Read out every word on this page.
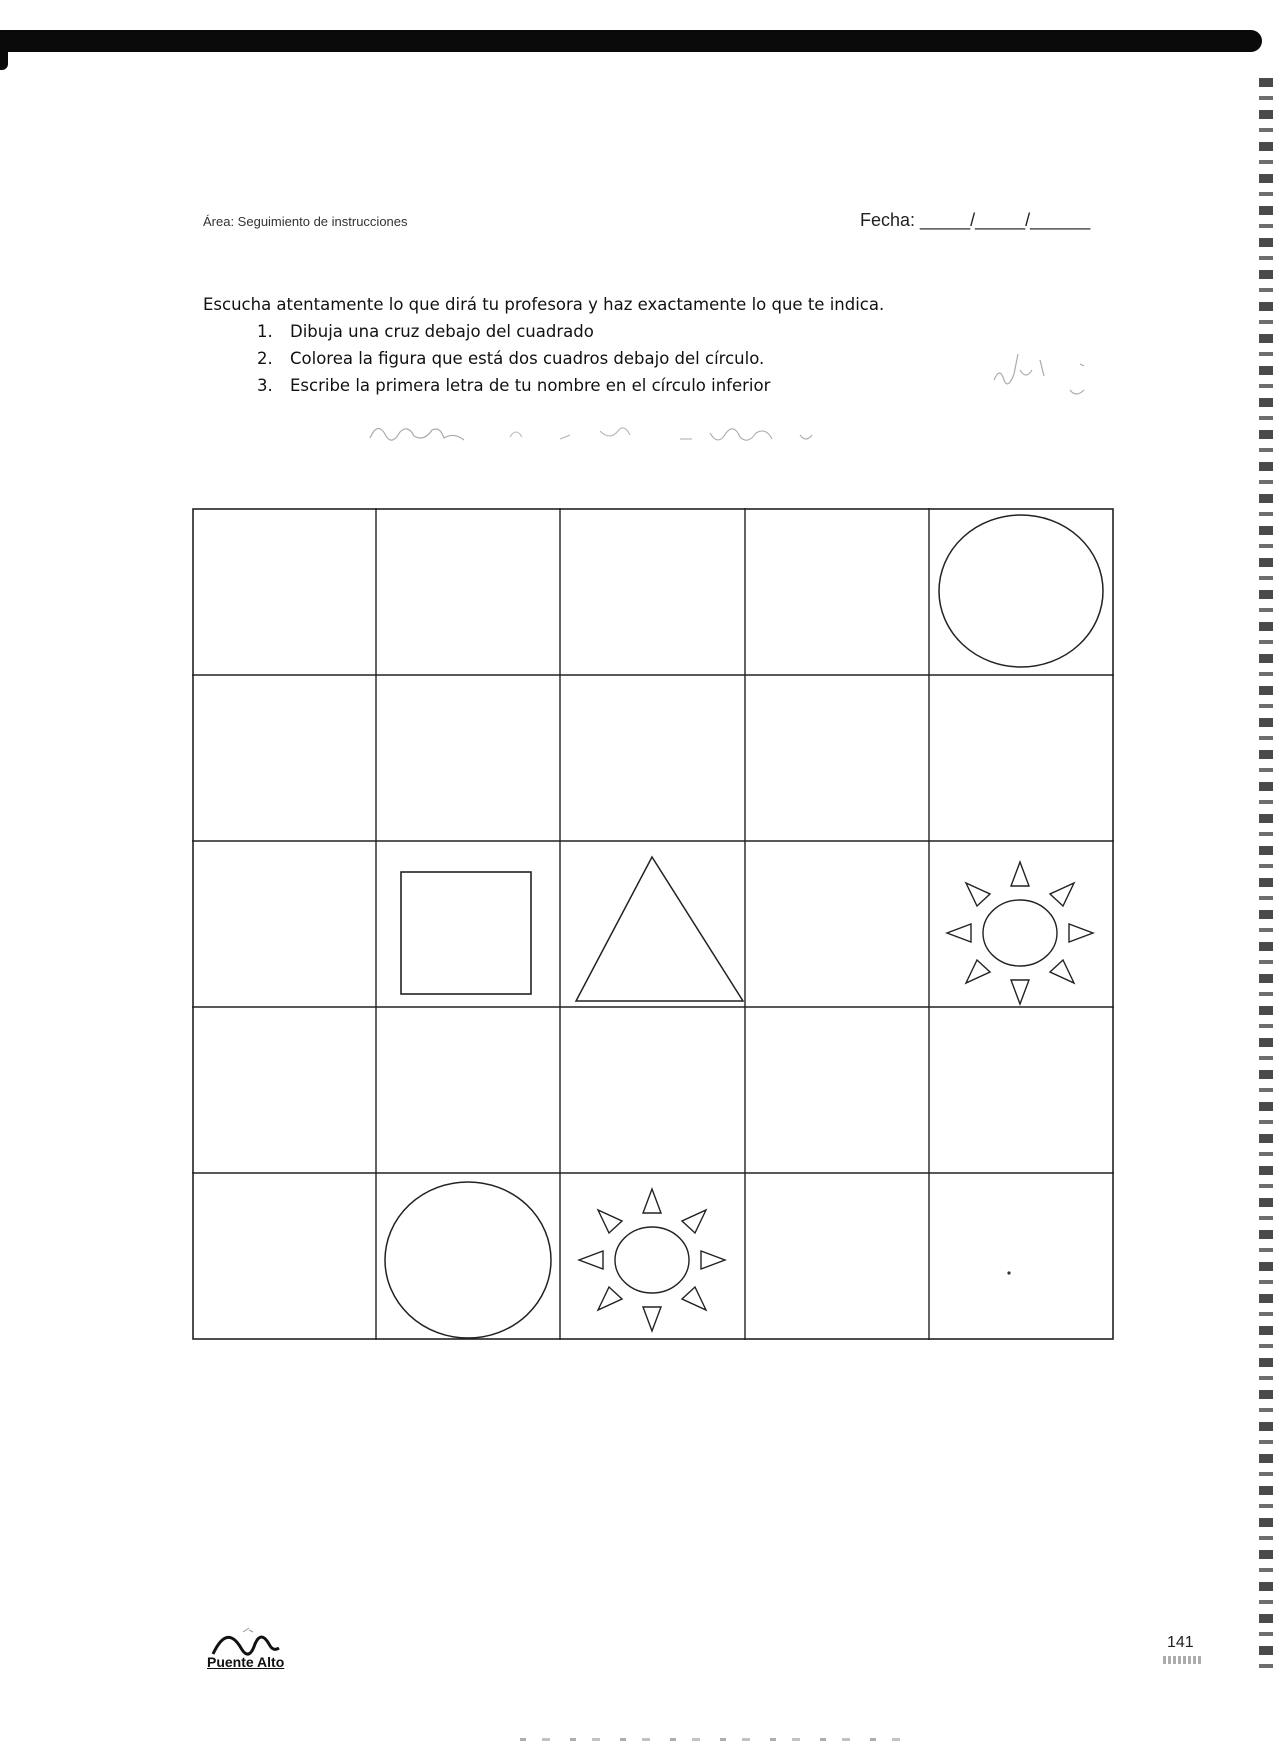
Área: Seguimiento de instrucciones	Fecha: _____/_____/______
Escucha atentamente lo que dirá tu profesora y haz exactamente lo que te indica.
1. Dibuja una cruz debajo del cuadrado
2. Colorea la figura que está dos cuadros debajo del círculo.
3. Escribe la primera letra de tu nombre en el círculo inferior
Puente Alto
141
